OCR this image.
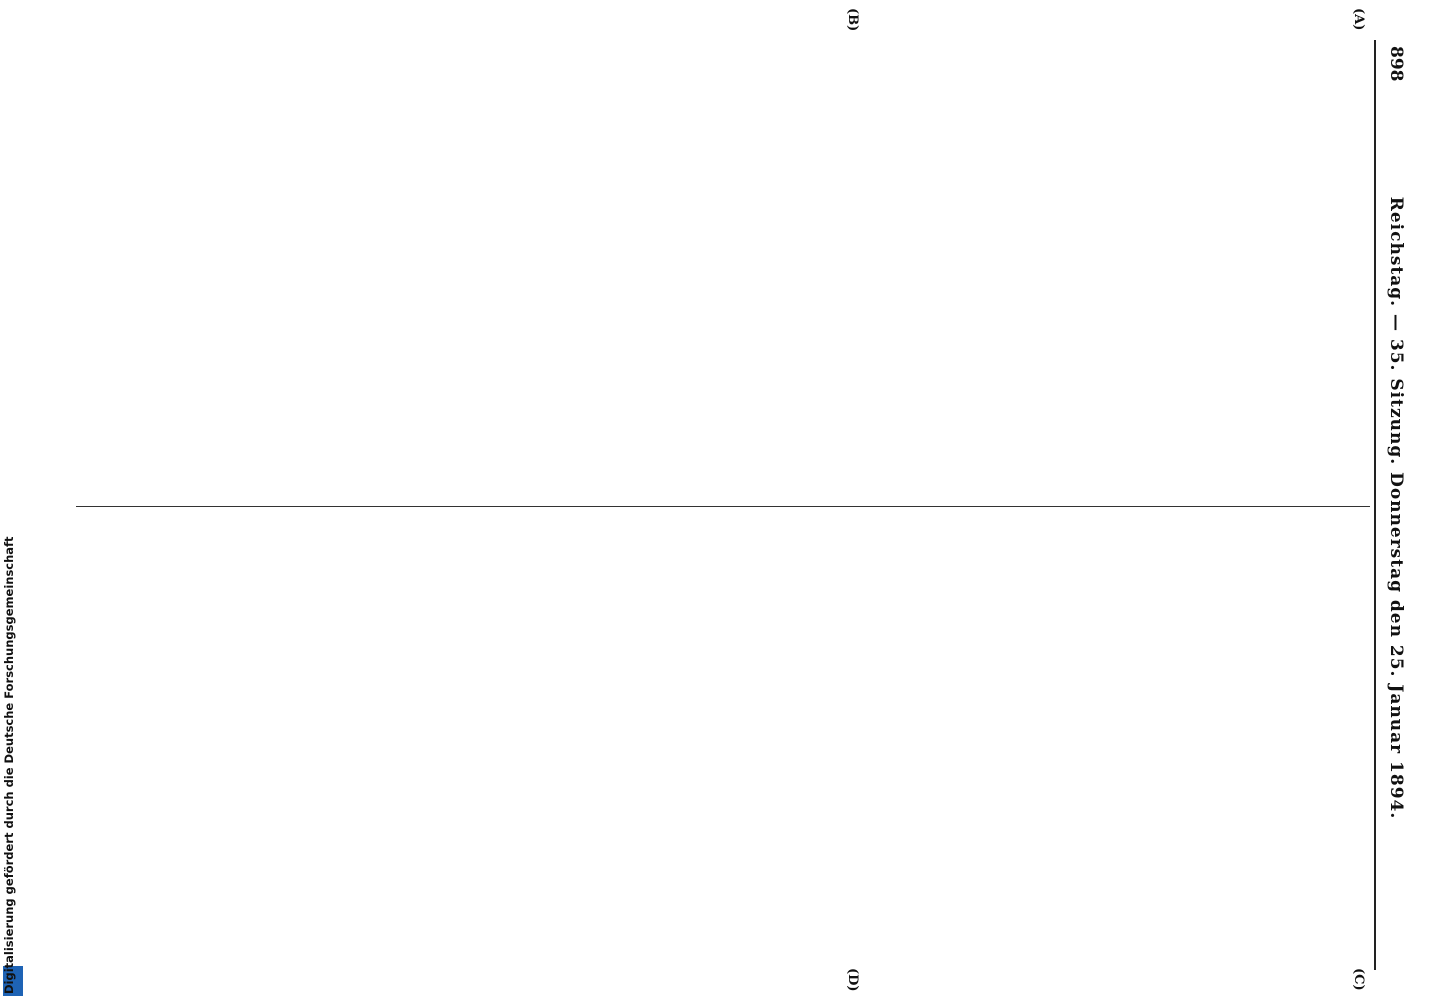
Digitalisierung gefördert durch die Deutsche Forschungsgemeinschaft
898
Reichstag. — 35. Sitzung. Donnerstag den 25. Januar 1894.
(A)
(B)
(C)
(D)
